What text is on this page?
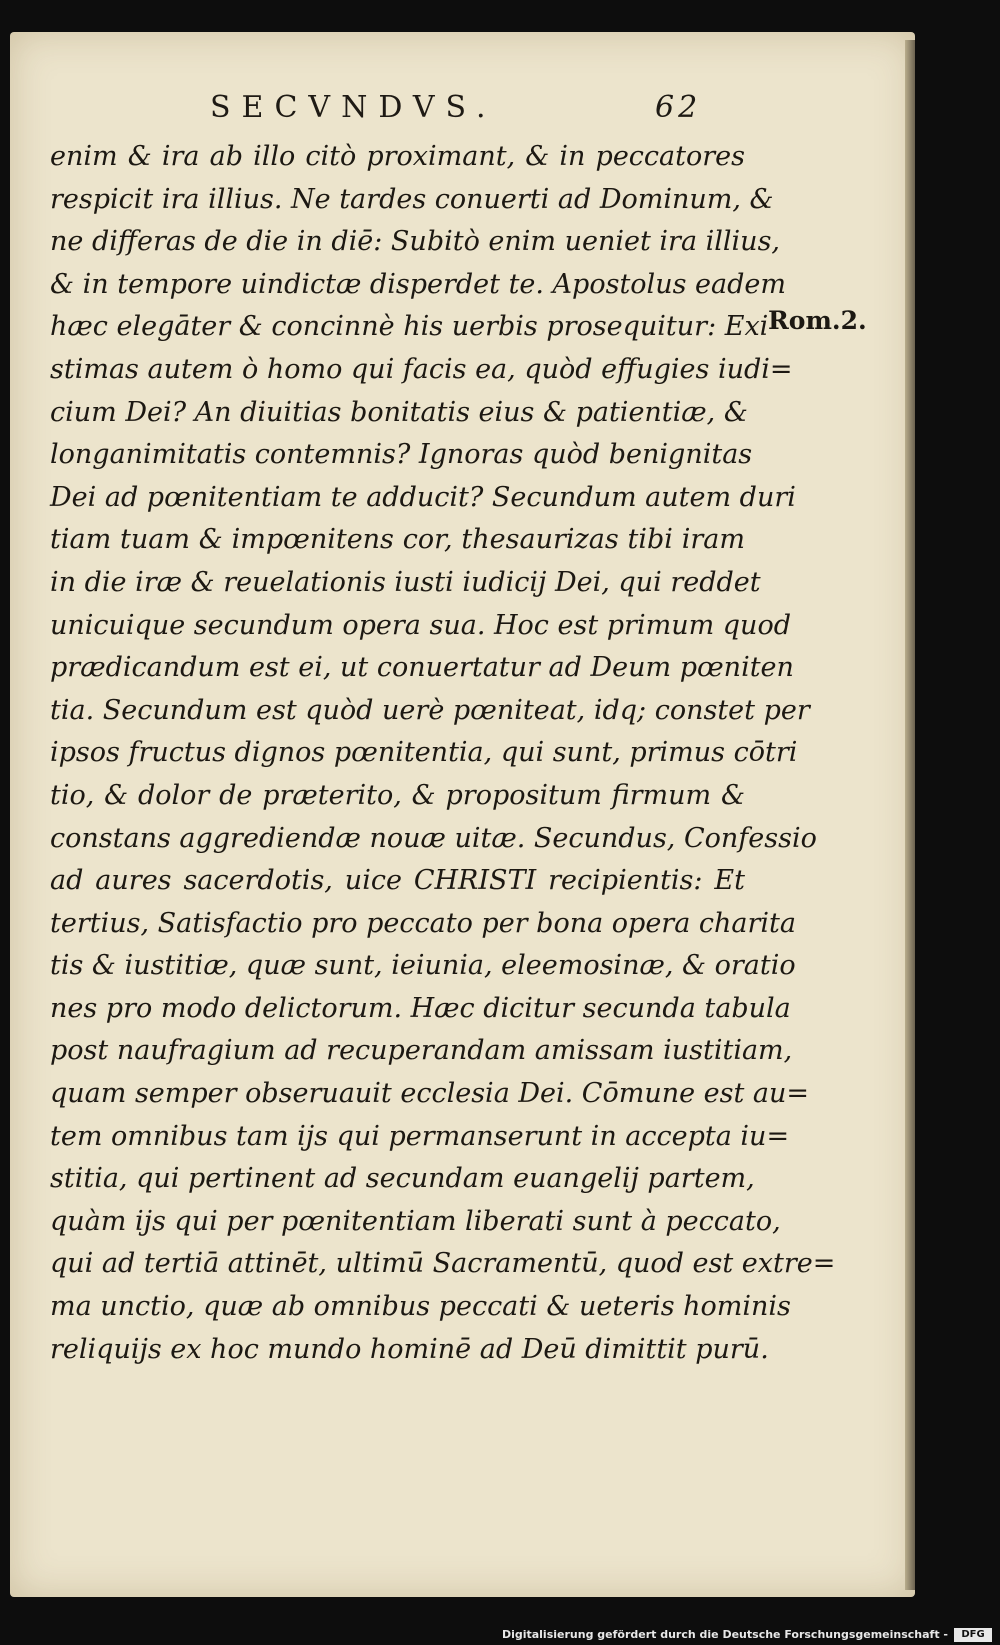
SECVNDVS.	62
enim & ira ab illo citò proximant, & in peccatores
respicit ira illius. Ne tardes conuerti ad Dominum, &
ne differas de die in diē: Subitò enim ueniet ira illius,
& in tempore uindictæ disperdet te. Apostolus eadem
hæc elegāter & concinnè his uerbis prosequitur: Exi
stimas autem ò homo qui facis ea, quòd effugies iudi=
cium Dei? An diuitias bonitatis eius & patientiæ, &
longanimitatis contemnis? Ignoras quòd benignitas
Dei ad pœnitentiam te adducit? Secundum autem duri
tiam tuam & impœnitens cor, thesaurizas tibi iram
in die iræ & reuelationis iusti iudicij Dei, qui reddet
unicuique secundum opera sua. Hoc est primum quod
prædicandum est ei, ut conuertatur ad Deum pœniten
tia. Secundum est quòd uerè pœniteat, idq; constet per
ipsos fructus dignos pœnitentia, qui sunt, primus cōtri
tio, & dolor de præterito, & propositum firmum &
constans aggrediendæ nouæ uitæ. Secundus, Confessio
ad aures sacerdotis, uice CHRISTI recipientis: Et
tertius, Satisfactio pro peccato per bona opera charita
tis & iustitiæ, quæ sunt, ieiunia, eleemosinæ, & oratio
nes pro modo delictorum. Hæc dicitur secunda tabula
post naufragium ad recuperandam amissam iustitiam,
quam semper obseruauit ecclesia Dei. Cōmune est au=
tem omnibus tam ijs qui permanserunt in accepta iu=
stitia, qui pertinent ad secundam euangelij partem,
quàm ijs qui per pœnitentiam liberati sunt à peccato,
qui ad tertiā attinēt, ultimū Sacramentū, quod est extre=
ma unctio, quæ ab omnibus peccati & ueteris hominis
reliquijs ex hoc mundo hominē ad Deū dimittit purū.
Rom.2.
Digitalisierung gefördert durch die Deutsche Forschungsgemeinschaft -	DFG
